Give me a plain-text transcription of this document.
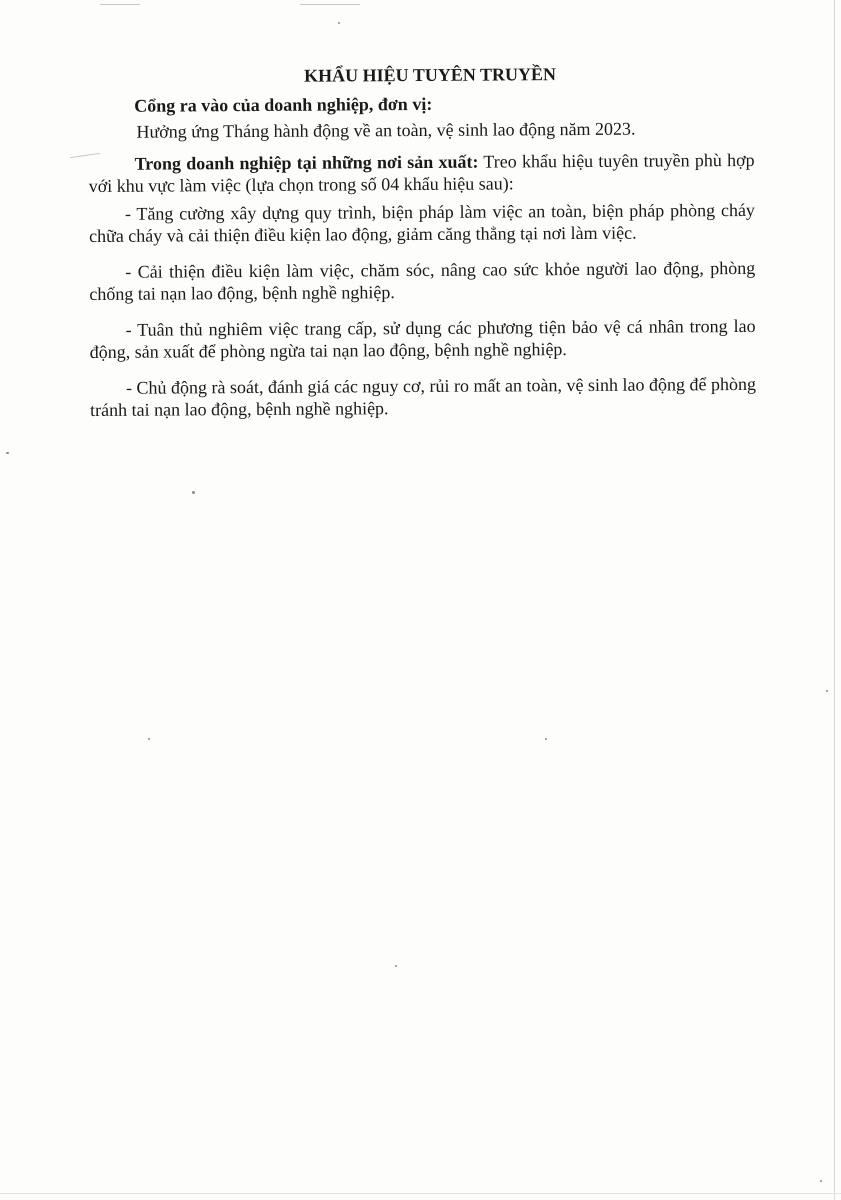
KHẨU HIỆU TUYÊN TRUYỀN

Cổng ra vào của doanh nghiệp, đơn vị:

Hưởng ứng Tháng hành động về an toàn, vệ sinh lao động năm 2023.

Trong doanh nghiệp tại những nơi sản xuất: Treo khẩu hiệu tuyên truyền phù hợp với khu vực làm việc (lựa chọn trong số 04 khẩu hiệu sau):

- Tăng cường xây dựng quy trình, biện pháp làm việc an toàn, biện pháp phòng cháy chữa cháy và cải thiện điều kiện lao động, giảm căng thẳng tại nơi làm việc.

- Cải thiện điều kiện làm việc, chăm sóc, nâng cao sức khỏe người lao động, phòng chống tai nạn lao động, bệnh nghề nghiệp.

- Tuân thủ nghiêm việc trang cấp, sử dụng các phương tiện bảo vệ cá nhân trong lao động, sản xuất để phòng ngừa tai nạn lao động, bệnh nghề nghiệp.

- Chủ động rà soát, đánh giá các nguy cơ, rủi ro mất an toàn, vệ sinh lao động để phòng tránh tai nạn lao động, bệnh nghề nghiệp.
